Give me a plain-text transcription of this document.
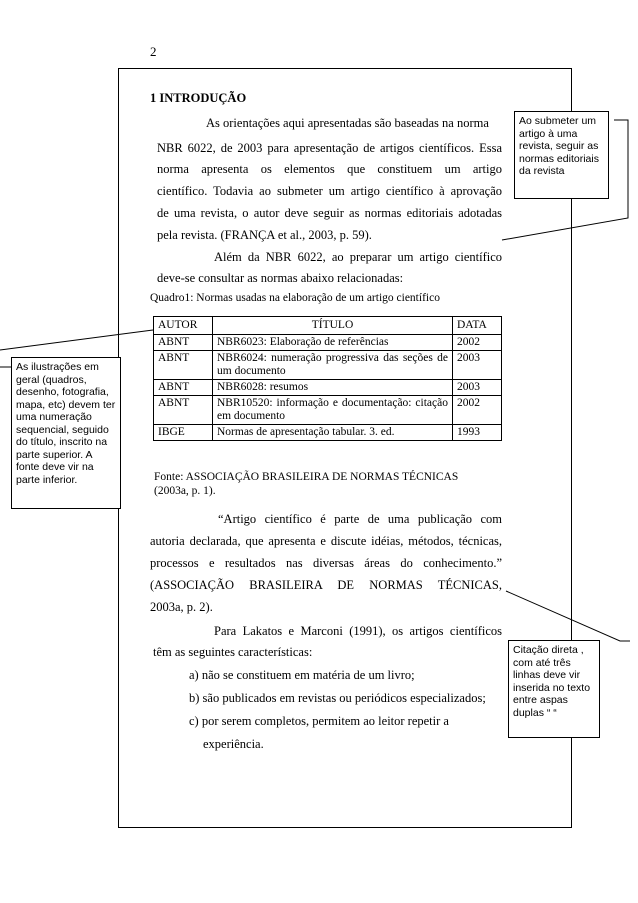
2
1 INTRODUÇÃO
As orientações aqui apresentadas são baseadas na norma
NBR 6022, de 2003 para apresentação de artigos científicos. Essa
norma apresenta os elementos que constituem um artigo
científico. Todavia ao submeter um artigo científico à aprovação
de uma revista, o autor deve seguir as normas editoriais adotadas
pela revista. (FRANÇA et al., 2003, p. 59).
Além da NBR 6022, ao preparar um artigo científico
deve-se consultar as normas abaixo relacionadas:
Quadro1: Normas usadas na elaboração de um artigo científico
AUTOR	TÍTULO	DATA
ABNT	NBR6023: Elaboração de referências	2002
ABNT	NBR6024: numeração progressiva das seções de um documento	2003
ABNT	NBR6028: resumos	2003
ABNT	NBR10520: informação e documentação: citação em documento	2002
IBGE	Normas de apresentação tabular. 3. ed.	1993
Fonte: ASSOCIAÇÃO BRASILEIRA DE NORMAS TÉCNICAS
(2003a, p. 1).
“Artigo científico é parte de uma publicação com
autoria declarada, que apresenta e discute idéias, métodos, técnicas,
processos e resultados nas diversas áreas do conhecimento.”
(ASSOCIAÇÃO BRASILEIRA DE NORMAS TÉCNICAS,
2003a, p. 2).
Para Lakatos e Marconi (1991), os artigos científicos
têm as seguintes características:
a) não se constituem em matéria de um livro;
b) são publicados em revistas ou periódicos especializados;
c) por serem completos, permitem ao leitor repetir a
experiência.
Ao submeter um artigo à uma revista, seguir as normas editoriais da revista
As ilustrações em geral (quadros, desenho, fotografia, mapa, etc) devem ter uma numeração sequencial, seguido do título, inscrito na parte superior. A fonte deve vir na parte inferior.
Citação direta , com até três linhas deve vir inserida no texto entre aspas duplas “ “
